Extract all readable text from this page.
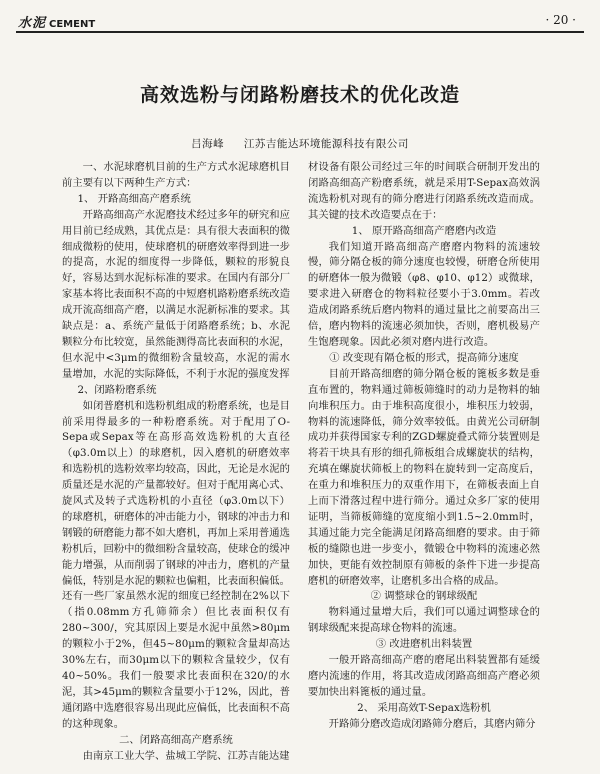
水泥 CEMENT	· 20 ·
高效选粉与闭路粉磨技术的优化改造
吕海峰 江苏吉能达环境能源科技有限公司

一、水泥球磨机目前的生产方式水泥球磨机目前主要有以下两种生产方式：

1、 开路高细高产磨系统

开路高细高产水泥磨技术经过多年的研究和应用目前已经成熟，其优点是：具有很大表面积的微细成微粉的使用，使球磨机的研磨效率得到进一步的提高，水泥的细度得一步降低，颗粒的形貌良好，容易达到水泥标标准的要求。在国内有部分厂家基本将比表面积不高的中短磨机路粉磨系统改造成开流高细高产磨，以满足水泥新标准的要求。其缺点是：a、系统产量低于闭路磨系统；b、水泥颗粒分布比较宽，虽然能测得高比表面积的水泥，但水泥中<3μm的微细粉含量较高，水泥的需水量增加，水泥的实际降低，不利于水泥的强度发挥

2、闭路粉磨系统

如闭普磨机和选粉机组成的粉磨系统，也是目前采用得最多的一种粉磨系统。对于配用了O-Sepa或Sepax等在高形高效选粉机的大直径（φ3.0m以上）的球磨机，因入磨机的研磨效率和选粉机的选粉效率均较高，因此，无论是水泥的质量还是水泥的产量都较好。但对于配用离心式、旋风式及转子式选粉机的小直径（φ3.0m以下）的球磨机，研磨体的冲击能力小，钢球的冲击力和钢锻的研磨能力都不如大磨机，再加上采用普通选粉机后，回粉中的微细粉含量较高，使球仓的缓冲能力增强，从而削弱了钢球的冲击力，磨机的产量偏低，特别是水泥的颗粒也偏粗，比表面积偏低。还有一些厂家虽然水泥的细度已经控制在2%以下（指0.08mm方孔筛筛余）但比表面积仅有280~300/，究其原因上要是水泥中虽然>80μm的颗粒小于2%，但45~80μm的颗粒含量却高达30%左右，而30μm以下的颗粒含量较少，仅有40~50%。我们一般要求比表面积在320/的水泥，其>45μm的颗粒含量要小于12%，因此，普通闭路中选磨很容易出现此应偏低，比表面积不高的这种现象。

二、闭路高细高产磨系统

由南京工业大学、盐城工学院、江苏吉能达建

材设备有限公司经过三年的时间联合研制开发出的闭路高细高产粉磨系统，就是采用T-Sepax高效涡流选粉机对现有的筛分磨进行闭路系统改造而成。其关键的技术改造要点在于：

1、 原开路高细高产磨磨内改造

我们知道开路高细高产磨磨内物料的流速较慢，筛分隔仓板的筛分速度也较慢，研磨仓所使用的研磨体一般为微锻（φ8、φ10、φ12）或微球，要求进入研磨仓的物料粒径要小于3.0mm。若改造成闭路系统后磨内物料的通过量比之前要高出三倍，磨内物料的流速必须加快，否则，磨机极易产生饱磨现象。因此必须对磨内进行改造。

① 改变现有隔仓板的形式，提高筛分速度

目前开路高细磨的筛分隔仓板的篦板多数是垂直布置的，物料通过筛板筛缝时的动力是物料的轴向堆积压力。由于堆积高度很小，堆积压力较弱，物料的流速降低，筛分效率较低。由黄光公司研制成功并获得国家专利的ZGD螺旋叠式筛分装置则是将若干块具有形的细孔筛板组合成螺旋状的结构，充填在螺旋状筛板上的物料在旋转到一定高度后，在重力和堆积压力的双重作用下，在筛板表面上自上而下滑落过程中进行筛分。通过众多厂家的使用证明，当筛板筛缝的宽度缩小到1.5~2.0mm时，其通过能力完全能满足闭路高细磨的要求。由于筛板的缝隙也进一步变小，微锻仓中物料的流速必然加快，更能有效控制原有筛板的条件下进一步提高磨机的研磨效率，让磨机多出合格的成品。

② 调整球仓的钢球级配

物料通过量增大后，我们可以通过调整球仓的钢球级配来提高球仓物料的流速。

③ 改进磨机出料装置

一般开路高细高产磨的磨尾出料装置都有延缓磨内流速的作用，将其改造成闭路高细高产磨必须要加快出料篦板的通过量。

2、 采用高效T-Sepax选粉机

开路筛分磨改造成闭路筛分磨后，其磨内筛分
